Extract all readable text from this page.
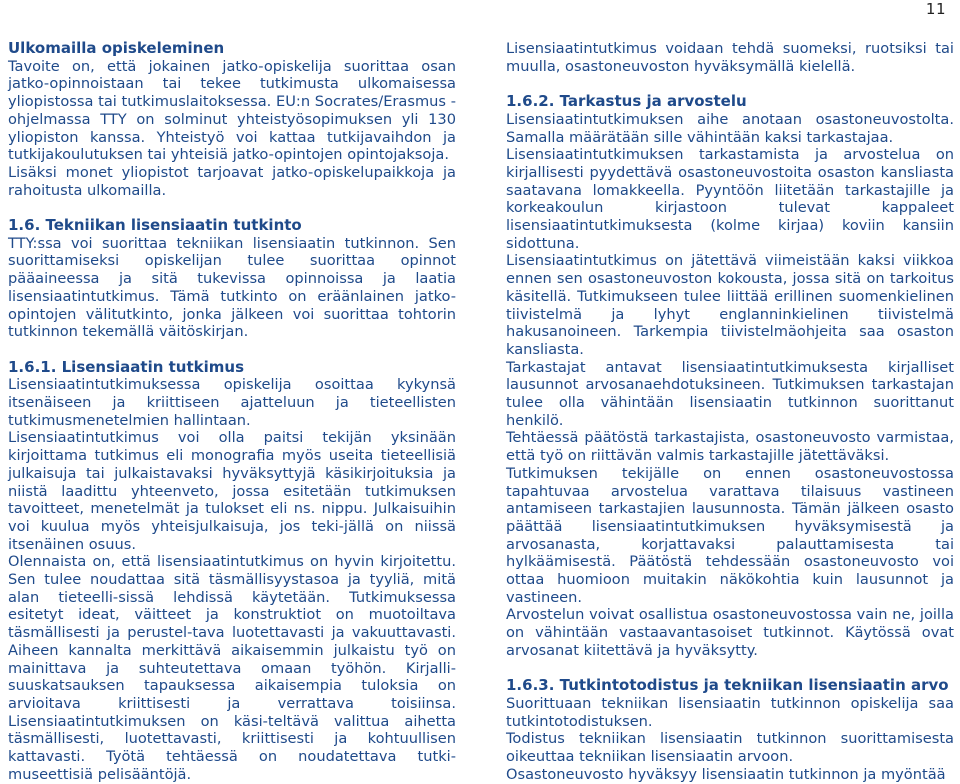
11
Ulkomailla opiskeleminen

Tavoite on, että jokainen jatko-opiskelija suorittaa osan jatko-opinnoistaan tai tekee tutkimusta ulkomaisessa yliopistossa tai tutkimuslaitoksessa. EU:n Socrates/Erasmus -ohjelmassa TTY on solminut yhteistyösopimuksen yli 130 yliopiston kanssa. Yhteistyö voi kattaa tutkijavaihdon ja tutkijakoulutuksen tai yhteisiä jatko-opintojen opintojaksoja.

Lisäksi monet yliopistot tarjoavat jatko-opiskelupaikkoja ja rahoitusta ulkomailla.

1.6. Tekniikan lisensiaatin tutkinto

TTY:ssa voi suorittaa tekniikan lisensiaatin tutkinnon. Sen suorittamiseksi opiskelijan tulee suorittaa opinnot pääaineessa ja sitä tukevissa opinnoissa ja laatia lisensiaatintutkimus. Tämä tutkinto on eräänlainen jatko-opintojen välitutkinto, jonka jälkeen voi suorittaa tohtorin tutkinnon tekemällä väitöskirjan.

1.6.1. Lisensiaatin tutkimus

Lisensiaatintutkimuksessa opiskelija osoittaa kykynsä itsenäiseen ja kriittiseen ajatteluun ja tieteellisten tutkimusmenetelmien hallintaan.

Lisensiaatintutkimus voi olla paitsi tekijän yksinään kirjoittama tutkimus eli monografia myös useita tieteellisiä julkaisuja tai julkaistavaksi hyväksyttyjä käsikirjoituksia ja niistä laadittu yhteenveto, jossa esitetään tutkimuksen tavoitteet, menetelmät ja tulokset eli ns. nippu. Julkaisuihin voi kuulua myös yhteisjulkaisuja, jos teki-jällä on niissä itsenäinen osuus.

Olennaista on, että lisensiaatintutkimus on hyvin kirjoitettu. Sen tulee noudattaa sitä täsmällisyystasoa ja tyyliä, mitä alan tieteelli-sissä lehdissä käytetään. Tutkimuksessa esitetyt ideat, väitteet ja konstruktiot on muotoiltava täsmällisesti ja perustel-tava luotettavasti ja vakuuttavasti. Aiheen kannalta merkittävä aikaisemmin julkaistu työ on mainittava ja suhteutettava omaan työhön. Kirjalli-suuskatsauksen tapauksessa aikaisempia tuloksia on arvioitava kriittisesti ja verrattava toisiinsa. Lisensiaatintutkimuksen on käsi-teltävä valittua aihetta täsmällisesti, luotettavasti, kriittisesti ja kohtuullisen kattavasti. Työtä tehtäessä on noudatettava tutki-museettisiä pelisääntöjä.

Lisensiaatintutkimus voidaan tehdä suomeksi, ruotsiksi tai muulla, osastoneuvoston hyväksymällä kielellä.

1.6.2. Tarkastus ja arvostelu

Lisensiaatintutkimuksen aihe anotaan osastoneuvostolta. Samalla määrätään sille vähintään kaksi tarkastajaa.

Lisensiaatintutkimuksen tarkastamista ja arvostelua on kirjallisesti pyydettävä osastoneuvostoita osaston kansliasta saatavana lomakkeella. Pyyntöön liitetään tarkastajille ja korkeakoulun kirjastoon tulevat kappaleet lisensiaatintutkimuksesta (kolme kirjaa) koviin kansiin sidottuna.

Lisensiaatintutkimus on jätettävä viimeistään kaksi viikkoa ennen sen osastoneuvoston kokousta, jossa sitä on tarkoitus käsitellä. Tutkimukseen tulee liittää erillinen suomenkielinen tiivistelmä ja lyhyt englanninkielinen tiivistelmä hakusanoineen. Tarkempia tiivistelmäohjeita saa osaston kansliasta.

Tarkastajat antavat lisensiaatintutkimuksesta kirjalliset lausunnot arvosanaehdotuksineen. Tutkimuksen tarkastajan tulee olla vähintään lisensiaatin tutkinnon suorittanut henkilö.

Tehtäessä päätöstä tarkastajista, osastoneuvosto varmistaa, että työ on riittävän valmis tarkastajille jätettäväksi.

Tutkimuksen tekijälle on ennen osastoneuvostossa tapahtuvaa arvostelua varattava tilaisuus vastineen antamiseen tarkastajien lausunnosta. Tämän jälkeen osasto päättää lisensiaatintutkimuksen hyväksymisestä ja arvosanasta, korjattavaksi palauttamisesta tai hylkäämisestä. Päätöstä tehdessään osastoneuvosto voi ottaa huomioon muitakin näkökohtia kuin lausunnot ja vastineen.

Arvostelun voivat osallistua osastoneuvostossa vain ne, joilla on vähintään vastaavantasoiset tutkinnot. Käytössä ovat arvosanat kiitettävä ja hyväksytty.

1.6.3. Tutkintotodistus ja tekniikan lisensiaatin arvo

Suorittuaan tekniikan lisensiaatin tutkinnon opiskelija saa tutkintotodistuksen.

Todistus tekniikan lisensiaatin tutkinnon suorittamisesta oikeuttaa tekniikan lisensiaatin arvoon.

Osastoneuvosto hyväksyy lisensiaatin tutkinnon ja myöntää
